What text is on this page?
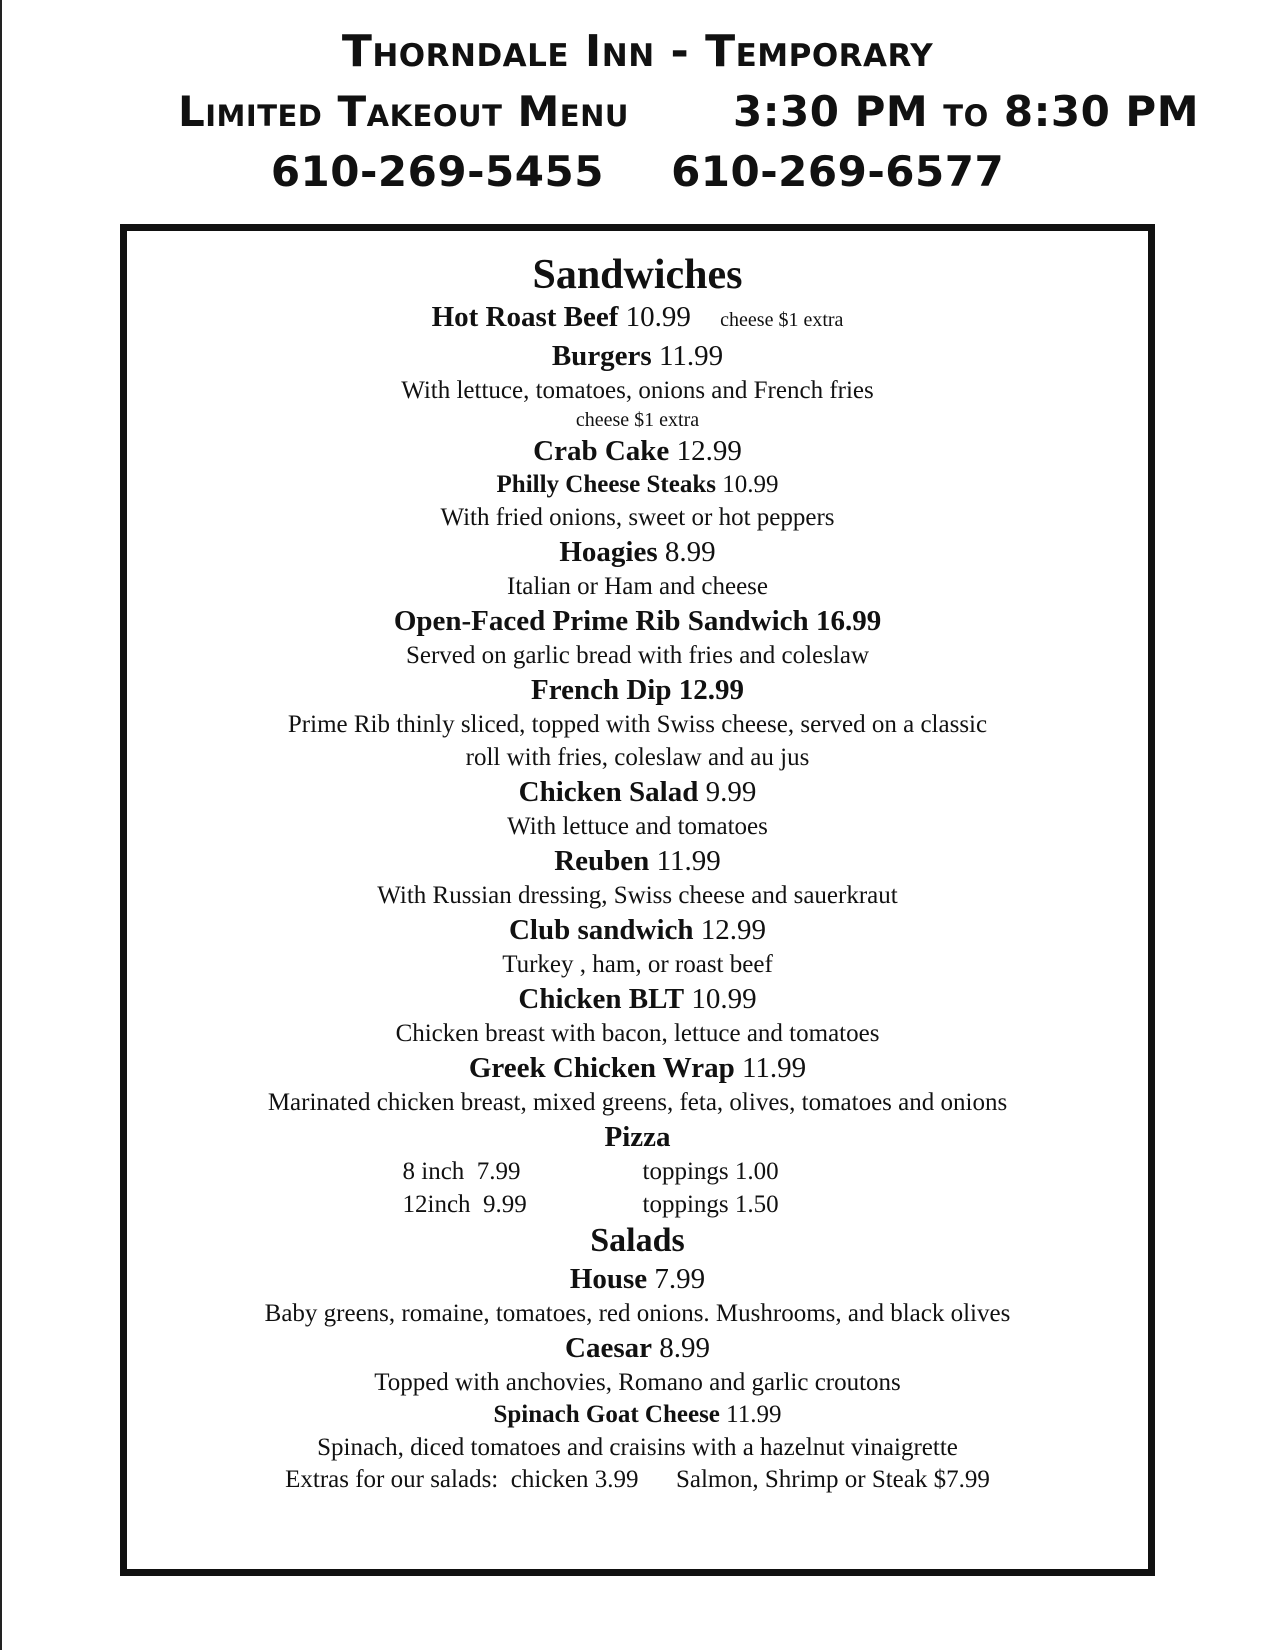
Thorndale Inn - Temporary
Limited Takeout Menu 3:30 PM to 8:30 PM
610-269-5455 610-269-6577
Sandwiches
Hot Roast Beef 10.99 cheese $1 extra
Burgers 11.99
With lettuce, tomatoes, onions and French fries
cheese $1 extra
Crab Cake 12.99
Philly Cheese Steaks 10.99
With fried onions, sweet or hot peppers
Hoagies 8.99
Italian or Ham and cheese
Open-Faced Prime Rib Sandwich 16.99
Served on garlic bread with fries and coleslaw
French Dip 12.99
Prime Rib thinly sliced, topped with Swiss cheese, served on a classic
roll with fries, coleslaw and au jus
Chicken Salad 9.99
With lettuce and tomatoes
Reuben 11.99
With Russian dressing, Swiss cheese and sauerkraut
Club sandwich 12.99
Turkey , ham, or roast beef
Chicken BLT 10.99
Chicken breast with bacon, lettuce and tomatoes
Greek Chicken Wrap 11.99
Marinated chicken breast, mixed greens, feta, olives, tomatoes and onions
Pizza
8 inch  7.99	toppings 1.00
12inch  9.99	toppings 1.50
Salads
House 7.99
Baby greens, romaine, tomatoes, red onions. Mushrooms, and black olives
Caesar 8.99
Topped with anchovies, Romano and garlic croutons
Spinach Goat Cheese 11.99
Spinach, diced tomatoes and craisins with a hazelnut vinaigrette
Extras for our salads:  chicken 3.99 Salmon, Shrimp or Steak $7.99
